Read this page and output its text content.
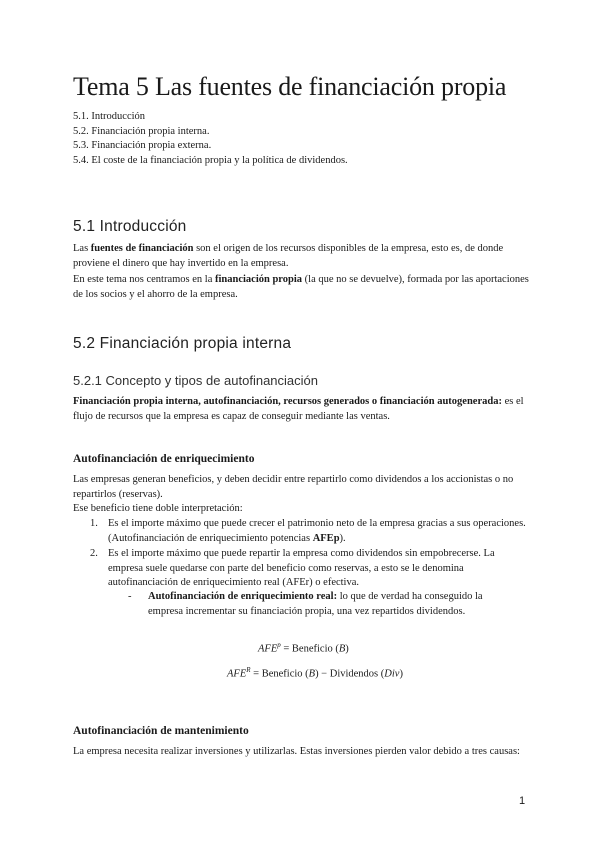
Tema 5 Las fuentes de financiación propia
5.1. Introducción
5.2. Financiación propia interna.
5.3. Financiación propia externa.
5.4. El coste de la financiación propia y la política de dividendos.
5.1 Introducción
Las fuentes de financiación son el origen de los recursos disponibles de la empresa, esto es, de donde proviene el dinero que hay invertido en la empresa.
En este tema nos centramos en la financiación propia (la que no se devuelve), formada por las aportaciones de los socios y el ahorro de la empresa.
5.2 Financiación propia interna
5.2.1 Concepto y tipos de autofinanciación
Financiación propia interna, autofinanciación, recursos generados o financiación autogenerada: es el flujo de recursos que la empresa es capaz de conseguir mediante las ventas.
Autofinanciación de enriquecimiento
Las empresas generan beneficios, y deben decidir entre repartirlo como dividendos a los accionistas o no repartirlos (reservas).
Ese beneficio tiene doble interpretación:
1. Es el importe máximo que puede crecer el patrimonio neto de la empresa gracias a sus operaciones. (Autofinanciación de enriquecimiento potencias AFEp).
2. Es el importe máximo que puede repartir la empresa como dividendos sin empobrecerse. La empresa suele quedarse con parte del beneficio como reservas, a esto se le denomina autofinanciación de enriquecimiento real (AFEr) o efectiva.
-	Autofinanciación de enriquecimiento real: lo que de verdad ha conseguido la empresa incrementar su financiación propia, una vez repartidos dividendos.
$AFE^p$ = Beneficio (B)
$AFE^R$ = Beneficio (B) − Dividendos (Div)
Autofinanciación de mantenimiento
La empresa necesita realizar inversiones y utilizarlas. Estas inversiones pierden valor debido a tres causas:
1
